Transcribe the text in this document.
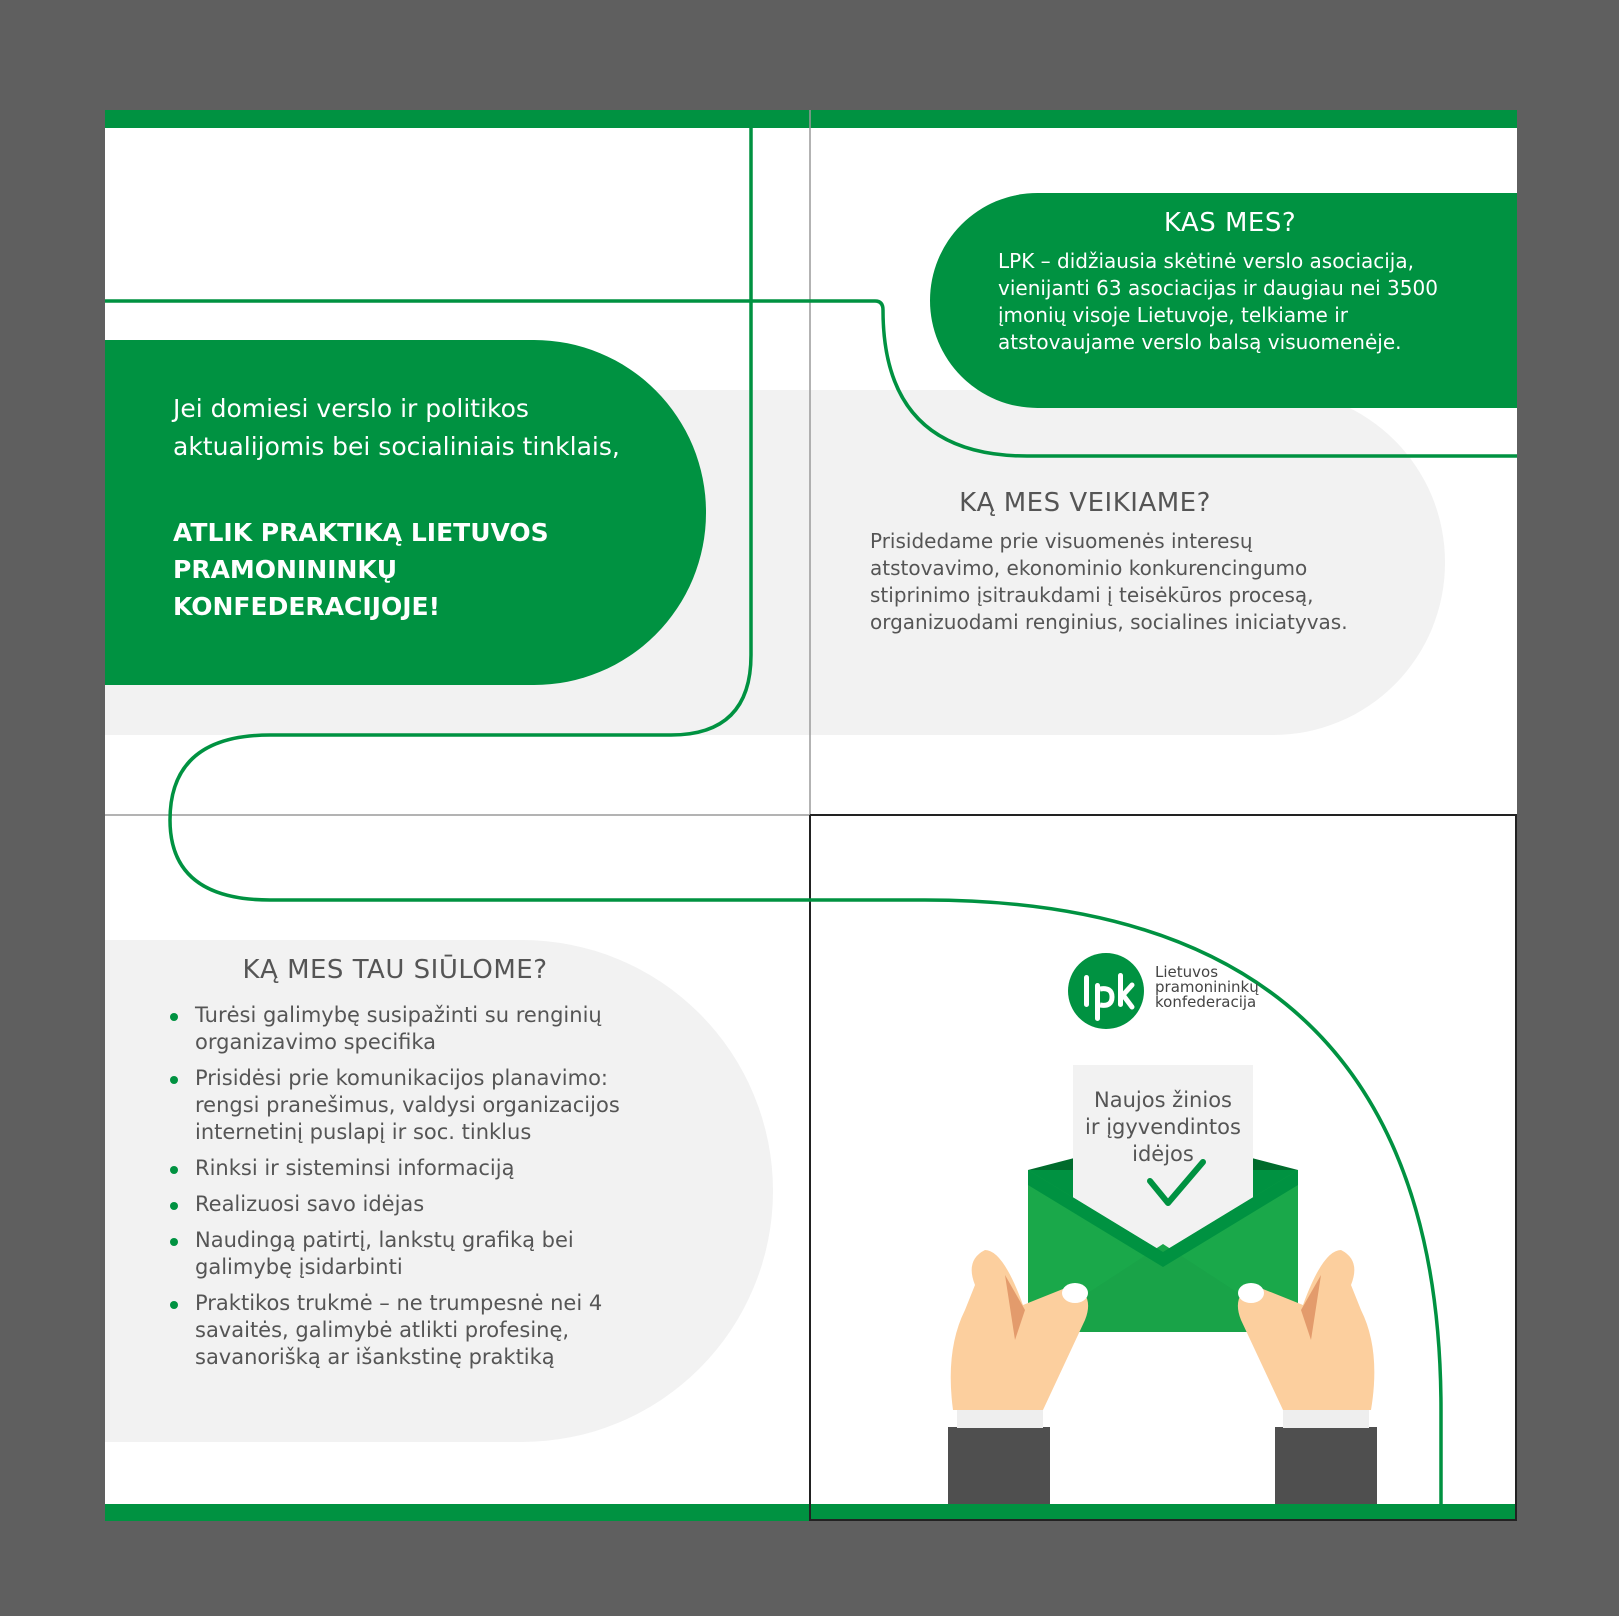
Jei domiesi verslo ir politikos aktualijomis bei socialiniais tinklais,
ATLIK PRAKTIKĄ LIETUVOS PRAMONININKŲ KONFEDERACIJOJE!
KAS MES?
LPK – didžiausia skėtinė verslo asociacija, vienijanti 63 asociacijas ir daugiau nei 3500 įmonių visoje Lietuvoje, telkiame ir atstovaujame verslo balsą visuomenėje.
KĄ MES VEIKIAME?
Prisidedame prie visuomenės interesų atstovavimo, ekonominio konkurencingumo stiprinimo įsitraukdami į teisėkūros procesą, organizuodami renginius, socialines iniciatyvas.
KĄ MES TAU SIŪLOME?
Turėsi galimybę susipažinti su renginių organizavimo specifika
Prisidėsi prie komunikacijos planavimo: rengsi pranešimus, valdysi organizacijos internetinį puslapį ir soc. tinklus
Rinksi ir sisteminsi informaciją
Realizuosi savo idėjas
Naudingą patirtį, lankstų grafiką bei galimybę įsidarbinti
Praktikos trukmė – ne trumpesnė nei 4 savaitės, galimybė atlikti profesinę, savanorišką ar išankstinę praktiką
Lietuvos
pramonininkų
konfederacija
Naujos žinios
ir įgyvendintos
idėjos
